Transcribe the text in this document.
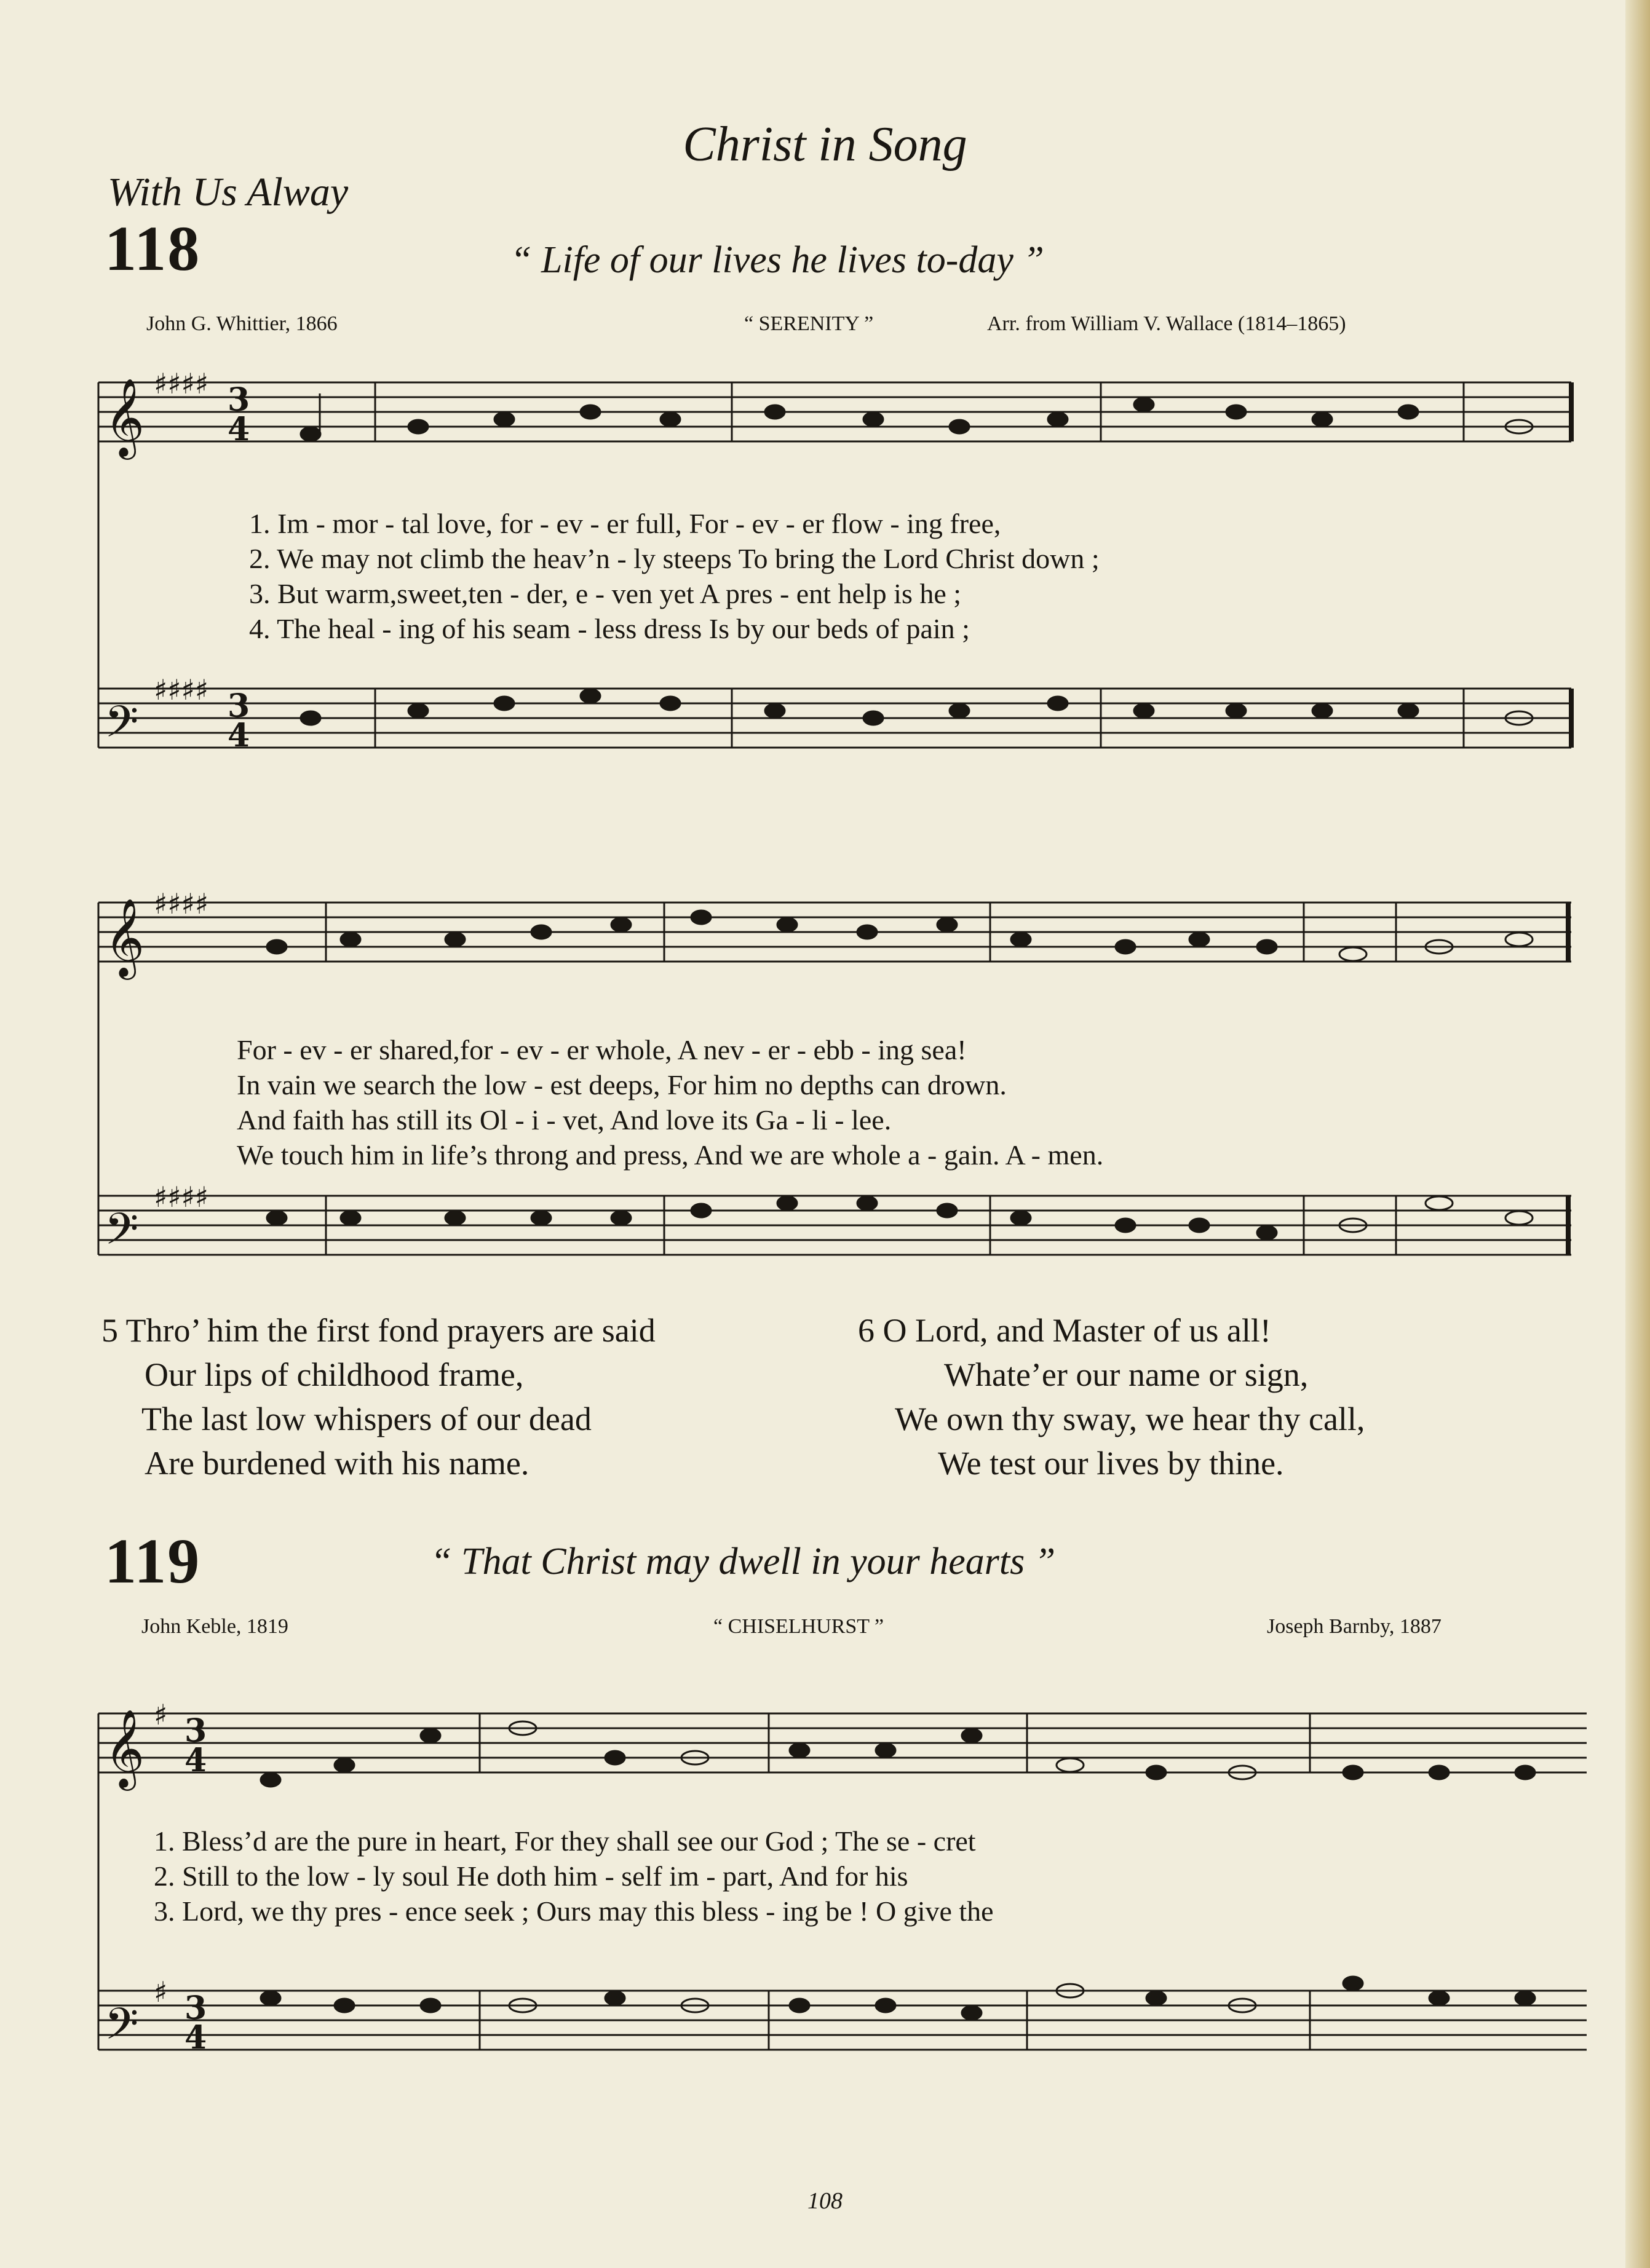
Christ in Song
With Us Alway
118	“ Life of our lives he lives to-day ”
John G. Whittier, 1866	“ SERENITY ”	Arr. from William V. Wallace (1814–1865)
𝄞
𝄢
𝄞
𝄢
𝄞
𝄢
♯♯♯♯
♯♯♯♯
♯♯♯♯
♯♯♯♯
♯
♯
3
4
3
4
3
4
3
4
1. Im - mor - tal love, for - ev - er full, For - ev - er flow - ing free,
2. We may not climb the heav’n - ly steeps To bring the Lord Christ down ;
3. But warm,sweet,ten - der, e - ven yet A pres - ent help is he ;
4. The heal - ing of his seam - less dress Is by our beds of pain ;
For - ev - er shared,for - ev - er whole, A nev - er - ebb - ing sea!
In vain we search the low - est deeps, For him no depths can drown.
And faith has still its Ol - i - vet, And love its Ga - li - lee.
We touch him in life’s throng and press, And we are whole a - gain. A - men.
5 Thro’ him the first fond prayers are said
Our lips of childhood frame,
The last low whispers of our dead
Are burdened with his name.
6 O Lord, and Master of us all!
Whate’er our name or sign,
We own thy sway, we hear thy call,
We test our lives by thine.
119	“ That Christ may dwell in your hearts ”
John Keble, 1819	“ CHISELHURST ”	Joseph Barnby, 1887
1. Bless’d are the pure in heart, For they shall see our God ; The se - cret
2. Still to the low - ly soul He doth him - self im - part, And for his
3. Lord, we thy pres - ence seek ; Ours may this bless - ing be ! O give the
108
